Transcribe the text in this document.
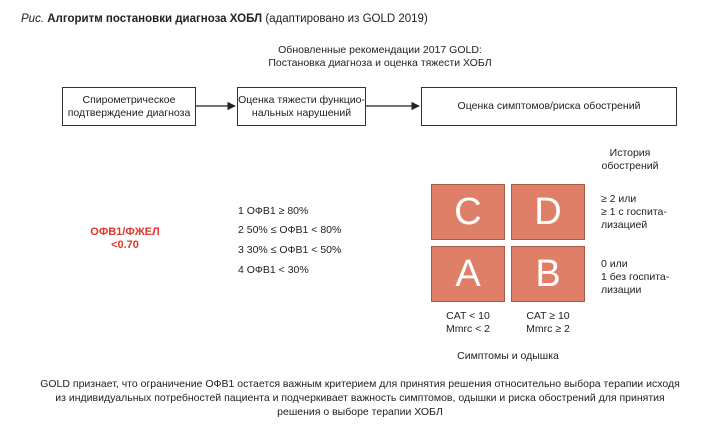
Рис. Алгоритм постановки диагноза ХОБЛ (адаптировано из GOLD 2019)
Обновленные рекомендации 2017 GOLD:
Постановка диагноза и оценка тяжести ХОБЛ
Спирометрическое
подтверждение диагноза
Оценка тяжести функцио-
нальных нарушений
Оценка симптомов/риска обострений
ОФВ1/ФЖЕЛ
<0.70
1 ОФВ1 ≥ 80%
2 50% ≤ ОФВ1 < 80%
3 30% ≤ ОФВ1 < 50%
4 ОФВ1 < 30%
История
обострений
≥ 2 или
≥ 1 с госпита-
лизацией
0 или
1 без госпита-
лизации
C	D
A	B
CAT < 10
Mmrc < 2
CAT ≥ 10
Mmrc ≥ 2
Симптомы и одышка
GOLD признает, что ограничение ОФВ1 остается важным критерием для принятия решения относительно выбора терапии исходя
из индивидуальных потребностей пациента и подчеркивает важность симптомов, одышки и риска обострений для принятия
решения о выборе терапии ХОБЛ
